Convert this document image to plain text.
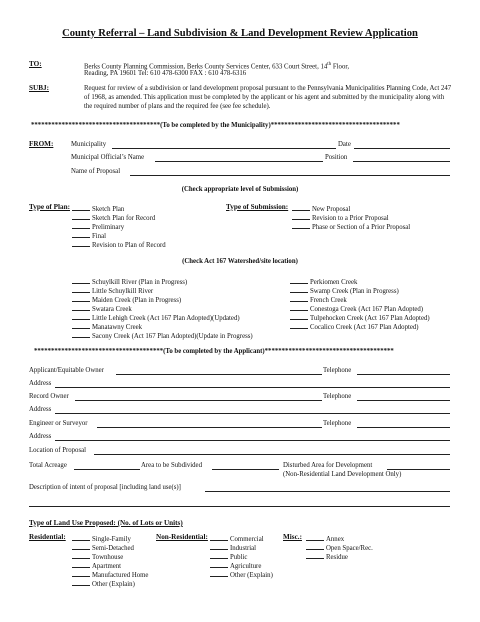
County Referral – Land Subdivision & Land Development Review Application
TO:	Berks County Planning Commission, Berks County Services Center, 633 Court Street, 14th Floor,
Reading, PA 19601 Tel: 610 478-6300 FAX : 610 478-6316
SUBJ:	Request for review of a subdivision or land development proposal pursuant to the Pennsylvania Municipalities Planning Code, Act 247 of 1968, as amended. This application must be completed by the applicant or his agent and submitted by the municipality along with the required number of plans and the required fee (see fee schedule).
**************************************(To be completed by the Municipality)**************************************
FROM:	Municipality	Date
Municipal Official’s Name	Position
Name of Proposal
(Check appropriate level of Submission)
Type of Plan:	Sketch Plan
Sketch Plan for Record
Preliminary
Final
Revision to Plan of Record
Type of Submission:	New Proposal
Revision to a Prior Proposal
Phase or Section of a Prior Proposal
(Check Act 167 Watershed/site location)
Schuylkill River (Plan in Progress)
Little Schuylkill River
Maiden Creek (Plan in Progress)
Swatara Creek
Little Lehigh Creek (Act 167 Plan Adopted)(Updated)
Manatawny Creek
Sacony Creek (Act 167 Plan Adopted)(Update in Progress)
Perkiomen Creek
Swamp Creek (Plan in Progress)
French Creek
Conestoga Creek (Act 167 Plan Adopted)
Tulpehocken Creek (Act 167 Plan Adopted)
Cocalico Creek (Act 167 Plan Adopted)
**************************************(To be completed by the Applicant)**************************************
Applicant/Equitable Owner	Telephone
Address
Record Owner	Telephone
Address
Engineer or Surveyor	Telephone
Address
Location of Proposal
Total Acreage	Area to be Subdivided	Disturbed Area for Development
(Non-Residential Land Development Only)
Description of intent of proposal [including land use(s)]
Type of Land Use Proposed: (No. of Lots or Units)
Residential:	Single-Family
Semi-Detached
Townhouse
Apartment
Manufactured Home
Other (Explain)
Non-Residential:	Commercial
Industrial
Public
Agriculture
Other (Explain)
Misc.:	Annex
Open Space/Rec.
Residue
